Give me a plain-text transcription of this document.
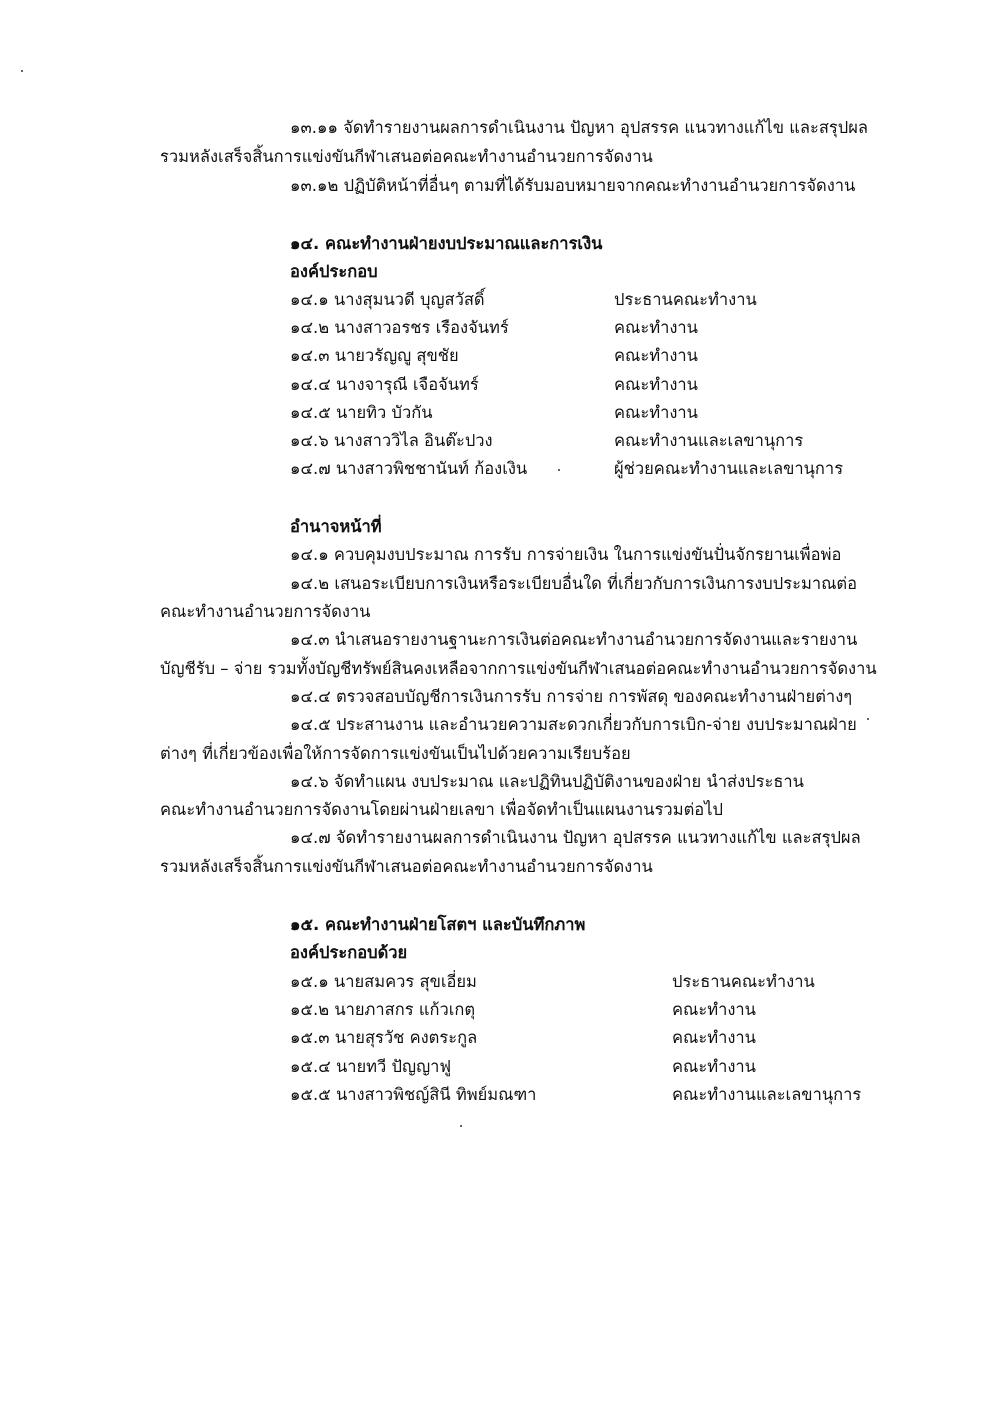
๑๓.๑๑ จัดทำรายงานผลการดำเนินงาน ปัญหา อุปสรรค แนวทางแก้ไข และสรุปผล
รวมหลังเสร็จสิ้นการแข่งขันกีฬาเสนอต่อคณะทำงานอำนวยการจัดงาน
๑๓.๑๒ ปฏิบัติหน้าที่อื่นๆ ตามที่ได้รับมอบหมายจากคณะทำงานอำนวยการจัดงาน
๑๔. คณะทำงานฝ่ายงบประมาณและการเงิน
องค์ประกอบ
๑๔.๑ นางสุมนวดี บุญสวัสดิ์	ประธานคณะทำงาน
๑๔.๒ นางสาวอรชร เรืองจันทร์	คณะทำงาน
๑๔.๓ นายวรัญญู สุขชัย	คณะทำงาน
๑๔.๔ นางจารุณี เจือจันทร์	คณะทำงาน
๑๔.๕ นายทิว บัวกัน	คณะทำงาน
๑๔.๖ นางสาววิไล อินต๊ะปวง	คณะทำงานและเลขานุการ
๑๔.๗ นางสาวพิชชานันท์ ก้องเงิน	ผู้ช่วยคณะทำงานและเลขานุการ
อำนาจหน้าที่
๑๔.๑ ควบคุมงบประมาณ การรับ การจ่ายเงิน ในการแข่งขันปั่นจักรยานเพื่อพ่อ
๑๔.๒ เสนอระเบียบการเงินหรือระเบียบอื่นใด ที่เกี่ยวกับการเงินการงบประมาณต่อ
คณะทำงานอำนวยการจัดงาน
๑๔.๓ นำเสนอรายงานฐานะการเงินต่อคณะทำงานอำนวยการจัดงานและรายงาน
บัญชีรับ – จ่าย รวมทั้งบัญชีทรัพย์สินคงเหลือจากการแข่งขันกีฬาเสนอต่อคณะทำงานอำนวยการจัดงาน
๑๔.๔ ตรวจสอบบัญชีการเงินการรับ การจ่าย การพัสดุ ของคณะทำงานฝ่ายต่างๆ
๑๔.๕ ประสานงาน และอำนวยความสะดวกเกี่ยวกับการเบิก-จ่าย งบประมาณฝ่าย
ต่างๆ ที่เกี่ยวข้องเพื่อให้การจัดการแข่งขันเป็นไปด้วยความเรียบร้อย
๑๔.๖ จัดทำแผน งบประมาณ และปฏิทินปฏิบัติงานของฝ่าย นำส่งประธาน
คณะทำงานอำนวยการจัดงานโดยผ่านฝ่ายเลขา เพื่อจัดทำเป็นแผนงานรวมต่อไป
๑๔.๗ จัดทำรายงานผลการดำเนินงาน ปัญหา อุปสรรค แนวทางแก้ไข และสรุปผล
รวมหลังเสร็จสิ้นการแข่งขันกีฬาเสนอต่อคณะทำงานอำนวยการจัดงาน
๑๕. คณะทำงานฝ่ายโสตฯ และบันทึกภาพ
องค์ประกอบด้วย
๑๕.๑ นายสมควร สุขเอี่ยม	ประธานคณะทำงาน
๑๕.๒ นายภาสกร แก้วเกตุ	คณะทำงาน
๑๕.๓ นายสุรวัช คงตระกูล	คณะทำงาน
๑๕.๔ นายทวี ปัญญาฟู	คณะทำงาน
๑๕.๕ นางสาวพิชญ์สินี ทิพย์มณฑา	คณะทำงานและเลขานุการ
